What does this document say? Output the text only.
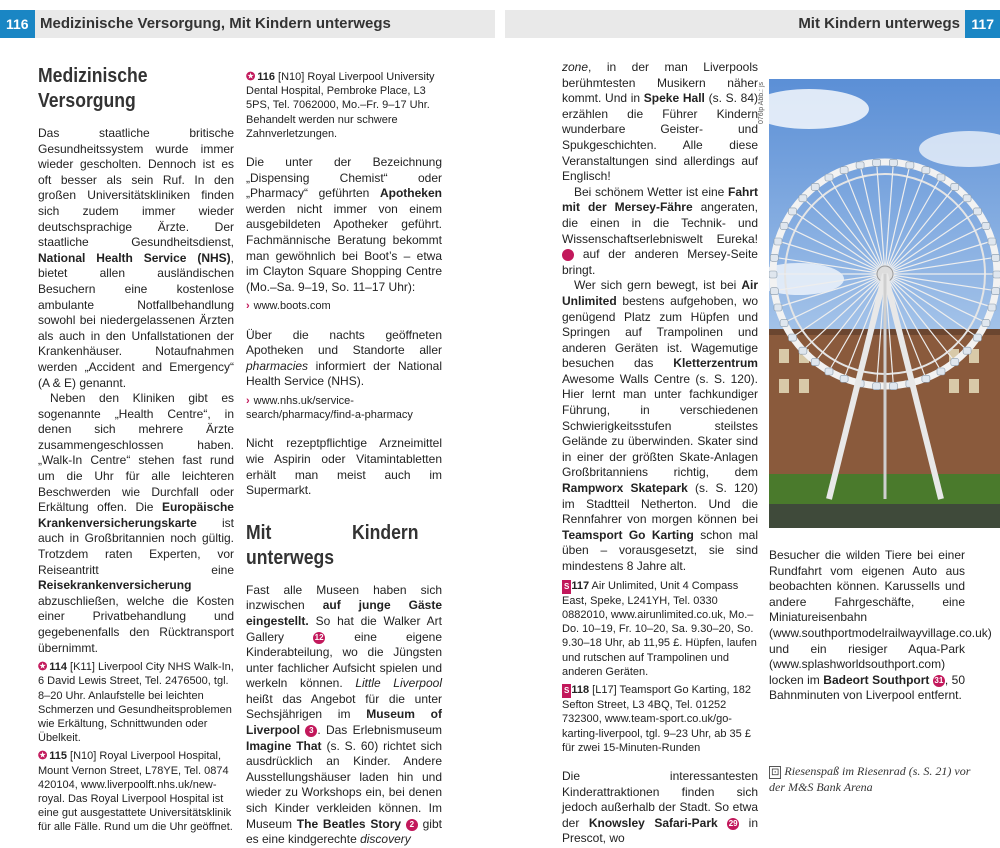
116 Medizinische Versorgung, Mit Kindern unterwegs	Mit Kindern unterwegs 117
Medizinische Versorgung

Das staatliche britische Gesundheitssystem wurde immer wieder gescholten. Dennoch ist es oft besser als sein Ruf. In den großen Universitätskliniken finden sich zudem immer wieder deutschsprachige Ärzte. Der staatliche Gesundheitsdienst, National Health Service (NHS), bietet allen ausländischen Besuchern eine kostenlose ambulante Notfallbehandlung sowohl bei niedergelassenen Ärzten als auch in den Unfallstationen der Krankenhäuser. Notaufnahmen werden „Accident and Emergency“ (A & E) genannt.

Neben den Kliniken gibt es sogenannte „Health Centre“, in denen sich mehrere Ärzte zusammengeschlossen haben. „Walk-In Centre“ stehen fast rund um die Uhr für alle leichteren Beschwerden wie Durchfall oder Erkältung offen. Die Europäische Krankenversicherungskarte ist auch in Großbritannien noch gültig. Trotzdem raten Experten, vor Reiseantritt eine Reisekrankenversicherung abzuschließen, welche die Kosten einer Privatbehandlung und gegebenenfalls den Rücktransport übernimmt.

✪ 114 [K11] Liverpool City NHS Walk-In, 6 David Lewis Street, Tel. 2476500, tgl. 8–20 Uhr. Anlaufstelle bei leichten Schmerzen und Gesundheitsproblemen wie Erkältung, Schnittwunden oder Übelkeit.
✪ 115 [N10] Royal Liverpool Hospital, Mount Vernon Street, L78YE, Tel. 0874 420104, www.liverpoolft.nhs.uk/new-royal. Das Royal Liverpool Hospital ist eine gut ausgestattete Universitätsklinik für alle Fälle. Rund um die Uhr geöffnet.
✪ 116 [N10] Royal Liverpool University Dental Hospital, Pembroke Place, L3 5PS, Tel. 7062000, Mo.–Fr. 9–17 Uhr. Behandelt werden nur schwere Zahnverletzungen.

Die unter der Bezeichnung „Dispensing Chemist“ oder „Pharmacy“ geführten Apotheken werden nicht immer von einem ausgebildeten Apotheker geführt. Fachmännische Beratung bekommt man gewöhnlich bei Boot’s – etwa im Clayton Square Shopping Centre (Mo.–Sa. 9–19, So. 11–17 Uhr):

› www.boots.com

Über die nachts geöffneten Apotheken und Standorte aller pharmacies informiert der National Health Service (NHS).

› www.nhs.uk/service-search/pharmacy/find-a-pharmacy

Nicht rezeptpflichtige Arzneimittel wie Aspirin oder Vitamintabletten erhält man meist auch im Supermarkt.

Mit Kindern unterwegs

Fast alle Museen haben sich inzwischen auf junge Gäste eingestellt. So hat die Walker Art Gallery	12	eine eigene Kinderabteilung, wo die Jüngsten unter fachlicher Aufsicht spielen und werkeln können. Little Liverpool heißt das Angebot für die unter Sechsjährigen im Museum of Liverpool 3 . Das Erlebnismuseum Imagine That (s. S. 60) richtet sich ausdrücklich an Kinder. Andere Ausstellungshäuser laden hin und wieder zu Workshops ein, bei denen sich Kinder verkleiden können. Im Museum The Beatles Story 2 gibt es eine kindgerechte discovery

zone, in der man Liverpools berühmtesten Musikern näher kommt. Und in Speke Hall (s. S. 84) erzählen die Führer Kindern wunderbare Geister- und Spukgeschichten. Alle diese Veranstaltungen sind allerdings auf Englisch!

Bei schönem Wetter ist eine Fahrt mit der Mersey-Fähre angeraten, die einen in die Technik- und Wissenschaftserlebniswelt Eureka! 26 auf der anderen Mersey-Seite bringt.

Wer sich gern bewegt, ist bei Air Unlimited bestens aufgehoben, wo genügend Platz zum Hüpfen und Springen auf Trampolinen und anderen Geräten ist. Wagemutige besuchen das Kletterzentrum Awesome Walls Centre (s. S. 120). Hier lernt man unter fachkundiger Führung, in verschiedenen Schwierigkeitsstufen steilstes Gelände zu überwinden. Skater sind in einer der größten Skate-Anlagen Großbritanniens richtig, dem Rampworx Skatepark (s. S. 120) im Stadtteil Netherton. Und die Rennfahrer von morgen können bei Teamsport Go Karting schon mal üben – vorausgesetzt, sie sind mindestens 8 Jahre alt.

S 117 Air Unlimited, Unit 4 Compass East, Speke, L241YH, Tel. 0330 0882010, www.airunlimited.co.uk, Mo.–Do. 10–19, Fr. 10–20, Sa. 9.30–20, So. 9.30–18 Uhr, ab 11,95 £. Hüpfen, laufen und rutschen auf Trampolinen und anderen Geräten.
S 118 [L17] Teamsport Go Karting, 182 Sefton Street, L3 4BQ, Tel. 01252 732300, www.team-sport.co.uk/go-karting-liverpool, tgl. 9–23 Uhr, ab 35 £ für zwei 15-Minuten-Runden

Die interessantesten Kinderattraktionen finden sich jedoch außerhalb der Stadt. So etwa der Knowsley Safari-Park 29 in Prescot, wo

076lp Abb.: js

Besucher die wilden Tiere bei einer Rundfahrt vom eigenen Auto aus beobachten können. Karussells und andere Fahrgeschäfte, eine Miniatureisenbahn (www.southportmodelrailwayvillage.co.uk) und ein riesiger Aqua-Park (www.splashworldsouthport.com) locken im Badeort Southport 31 , 50 Bahnminuten von Liverpool entfernt.

⊡ Riesenspaß im Riesenrad (s. S. 21) vor der M&S Bank Arena
